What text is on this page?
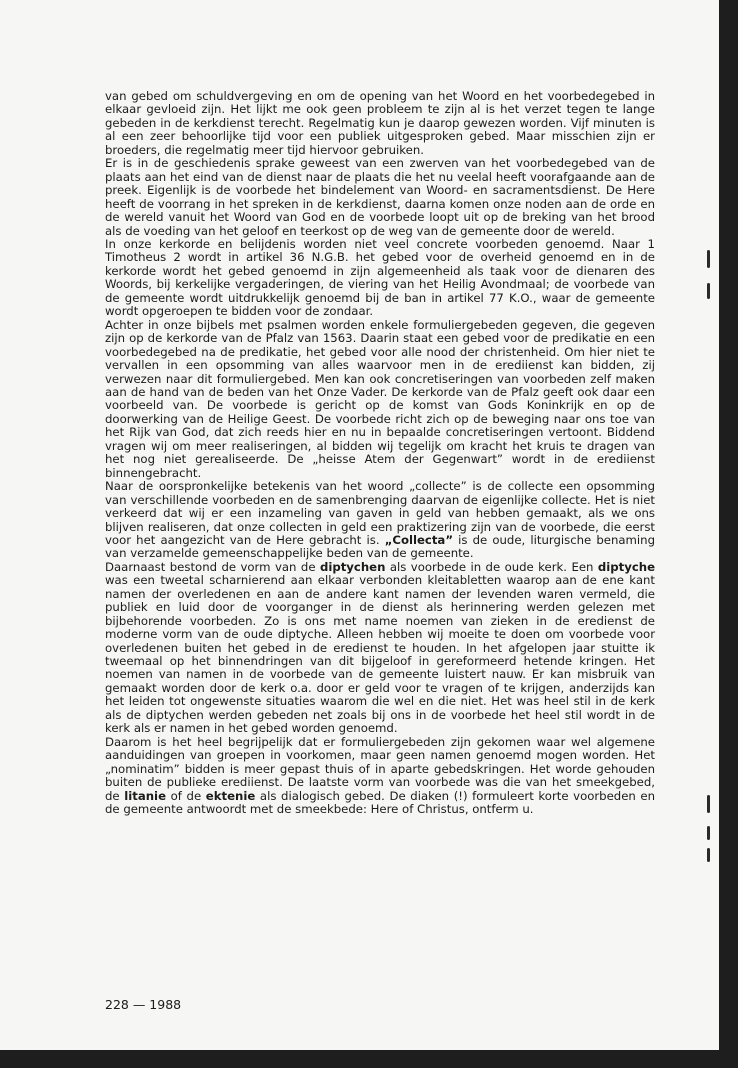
van gebed om schuldvergeving en om de opening van het Woord en het voorbedegebed in elkaar gevloeid zijn. Het lijkt me ook geen probleem te zijn al is het verzet tegen te lange gebeden in de kerkdienst terecht. Regelmatig kun je daarop gewezen worden. Vijf minuten is al een zeer behoorlijke tijd voor een publiek uitgesproken gebed. Maar misschien zijn er broeders, die regelmatig meer tijd hiervoor gebruiken.

Er is in de geschiedenis sprake geweest van een zwerven van het voorbedegebed van de plaats aan het eind van de dienst naar de plaats die het nu veelal heeft voorafgaande aan de preek. Eigenlijk is de voorbede het bindelement van Woord- en sacramentsdienst. De Here heeft de voorrang in het spreken in de kerkdienst, daarna komen onze noden aan de orde en de wereld vanuit het Woord van God en de voorbede loopt uit op de breking van het brood als de voeding van het geloof en teerkost op de weg van de gemeente door de wereld.

In onze kerkorde en belijdenis worden niet veel concrete voorbeden genoemd. Naar 1 Timotheus 2 wordt in artikel 36 N.G.B. het gebed voor de overheid genoemd en in de kerkorde wordt het gebed genoemd in zijn algemeenheid als taak voor de dienaren des Woords, bij kerkelijke vergaderingen, de viering van het Heilig Avondmaal; de voorbede van de gemeente wordt uitdrukkelijk genoemd bij de ban in artikel 77 K.O., waar de gemeente wordt opgeroepen te bidden voor de zondaar.

Achter in onze bijbels met psalmen worden enkele formuliergebeden gegeven, die gegeven zijn op de kerkorde van de Pfalz van 1563. Daarin staat een gebed voor de predikatie en een voorbedegebed na de predikatie, het gebed voor alle nood der christenheid. Om hier niet te vervallen in een opsomming van alles waarvoor men in de erediienst kan bidden, zij verwezen naar dit formuliergebed. Men kan ook concretiseringen van voorbeden zelf maken aan de hand van de beden van het Onze Vader. De kerkorde van de Pfalz geeft ook daar een voorbeeld van. De voorbede is gericht op de komst van Gods Koninkrijk en op de doorwerking van de Heilige Geest. De voorbede richt zich op de beweging naar ons toe van het Rijk van God, dat zich reeds hier en nu in bepaalde concretiseringen vertoont. Biddend vragen wij om meer realiseringen, al bidden wij tegelijk om kracht het kruis te dragen van het nog niet gerealiseerde. De „heisse Atem der Gegenwart” wordt in de erediienst binnengebracht.

Naar de oorspronkelijke betekenis van het woord „collecte” is de collecte een opsomming van verschillende voorbeden en de samenbrenging daarvan de eigenlijke collecte. Het is niet verkeerd dat wij er een inzameling van gaven in geld van hebben gemaakt, als we ons blijven realiseren, dat onze collecten in geld een praktizering zijn van de voorbede, die eerst voor het aangezicht van de Here gebracht is. „Collecta” is de oude, liturgische benaming van verzamelde gemeenschappelijke beden van de gemeente.

Daarnaast bestond de vorm van de diptychen als voorbede in de oude kerk. Een diptyche was een tweetal scharnierend aan elkaar verbonden kleitabletten waarop aan de ene kant namen der overledenen en aan de andere kant namen der levenden waren vermeld, die publiek en luid door de voorganger in de dienst als herinnering werden gelezen met bijbehorende voorbeden. Zo is ons met name noemen van zieken in de eredienst de moderne vorm van de oude diptyche. Alleen hebben wij moeite te doen om voorbede voor overledenen buiten het gebed in de eredienst te houden. In het afgelopen jaar stuitte ik tweemaal op het binnendringen van dit bijgeloof in gereformeerd hetende kringen. Het noemen van namen in de voorbede van de gemeente luistert nauw. Er kan misbruik van gemaakt worden door de kerk o.a. door er geld voor te vragen of te krijgen, anderzijds kan het leiden tot ongewenste situaties waarom die wel en die niet. Het was heel stil in de kerk als de diptychen werden gebeden net zoals bij ons in de voorbede het heel stil wordt in de kerk als er namen in het gebed worden genoemd.

Daarom is het heel begrijpelijk dat er formuliergebeden zijn gekomen waar wel algemene aanduidingen van groepen in voorkomen, maar geen namen genoemd mogen worden. Het „nominatim” bidden is meer gepast thuis of in aparte gebedskringen. Het worde gehouden buiten de publieke erediienst. De laatste vorm van voorbede was die van het smeekgebed, de litanie of de ektenie als dialogisch gebed. De diaken (!) formuleert korte voorbeden en de gemeente antwoordt met de smeekbede: Here of Christus, ontferm u.

228 — 1988
